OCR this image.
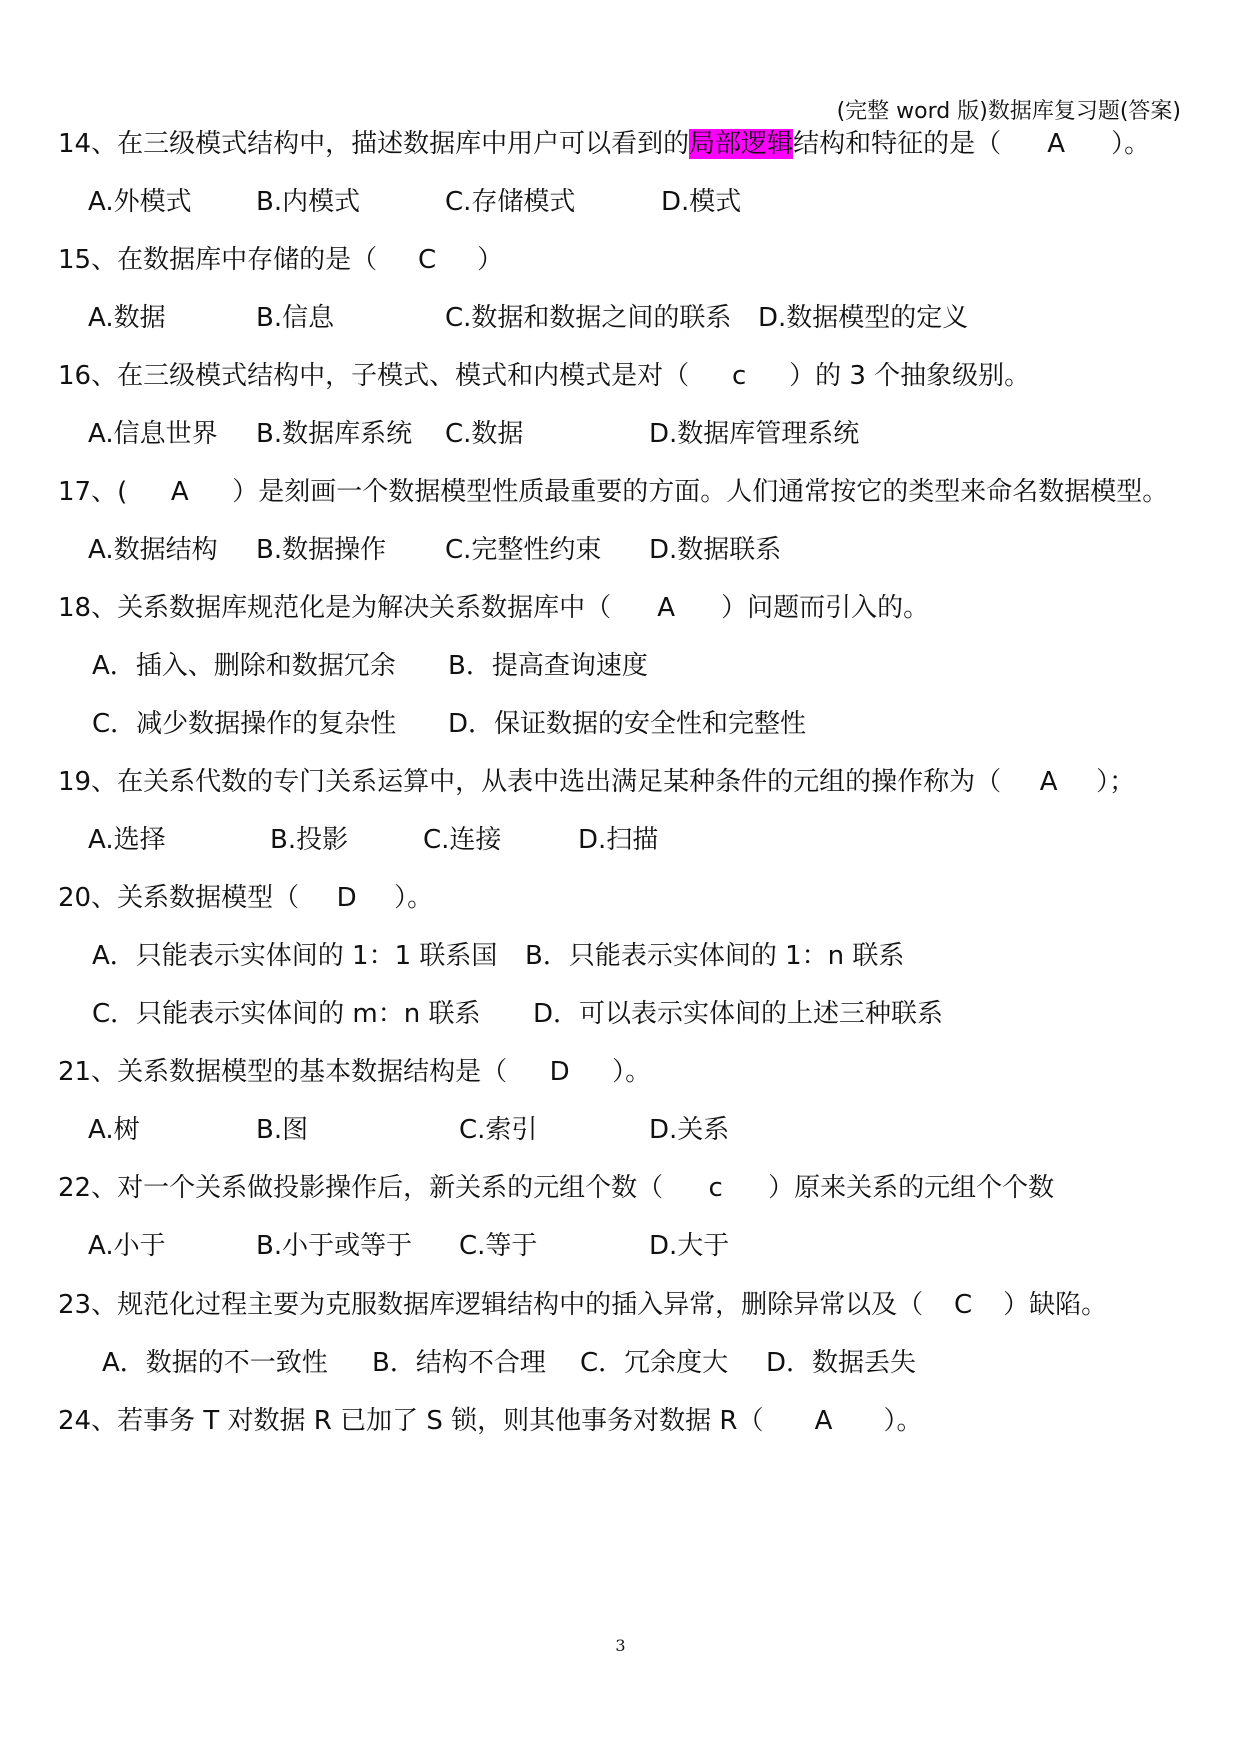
(完整 word 版)数据库复习题(答案)
14、在三级模式结构中，描述数据库中用户可以看到的局部逻辑结构和特征的是（ A ）。
A.外模式 B.内模式	C.存储模式	D.模式
15、在数据库中存储的是（ C ）
A.数据	B.信息	C.数据和数据之间的联系 D.数据模型的定义
16、在三级模式结构中，子模式、模式和内模式是对（ c ）的 3 个抽象级别。
A.信息世界 B.数据库系统 C.数据	D.数据库管理系统
17、( A ）是刻画一个数据模型性质最重要的方面。人们通常按它的类型来命名数据模型。
A.数据结构 B.数据操作 C.完整性约束 D.数据联系
18、关系数据库规范化是为解决关系数据库中（ A ）问题而引入的。
A．插入、删除和数据冗余 B．提高查询速度
C．减少数据操作的复杂性 D．保证数据的安全性和完整性
19、在关系代数的专门关系运算中，从表中选出满足某种条件的元组的操作称为（ A ）；
A.选择	B.投影	C.连接	D.扫描
20、关系数据模型（ D ）。
A．只能表示实体间的 1：1 联系国 B．只能表示实体间的 1：n 联系
C．只能表示实体间的 m：n 联系 D．可以表示实体间的上述三种联系
21、关系数据模型的基本数据结构是（ D ）。
A.树	B.图	C.索引	D.关系
22、对一个关系做投影操作后，新关系的元组个数（ c ）原来关系的元组个个数
A.小于	B.小于或等于 C.等于	D.大于
23、规范化过程主要为克服数据库逻辑结构中的插入异常，删除异常以及（ C ）缺陷。
A．数据的不一致性 B．结构不合理 C．冗余度大 D．数据丢失
24、若事务 T 对数据 R 已加了 S 锁，则其他事务对数据 R（ A ）。
3
